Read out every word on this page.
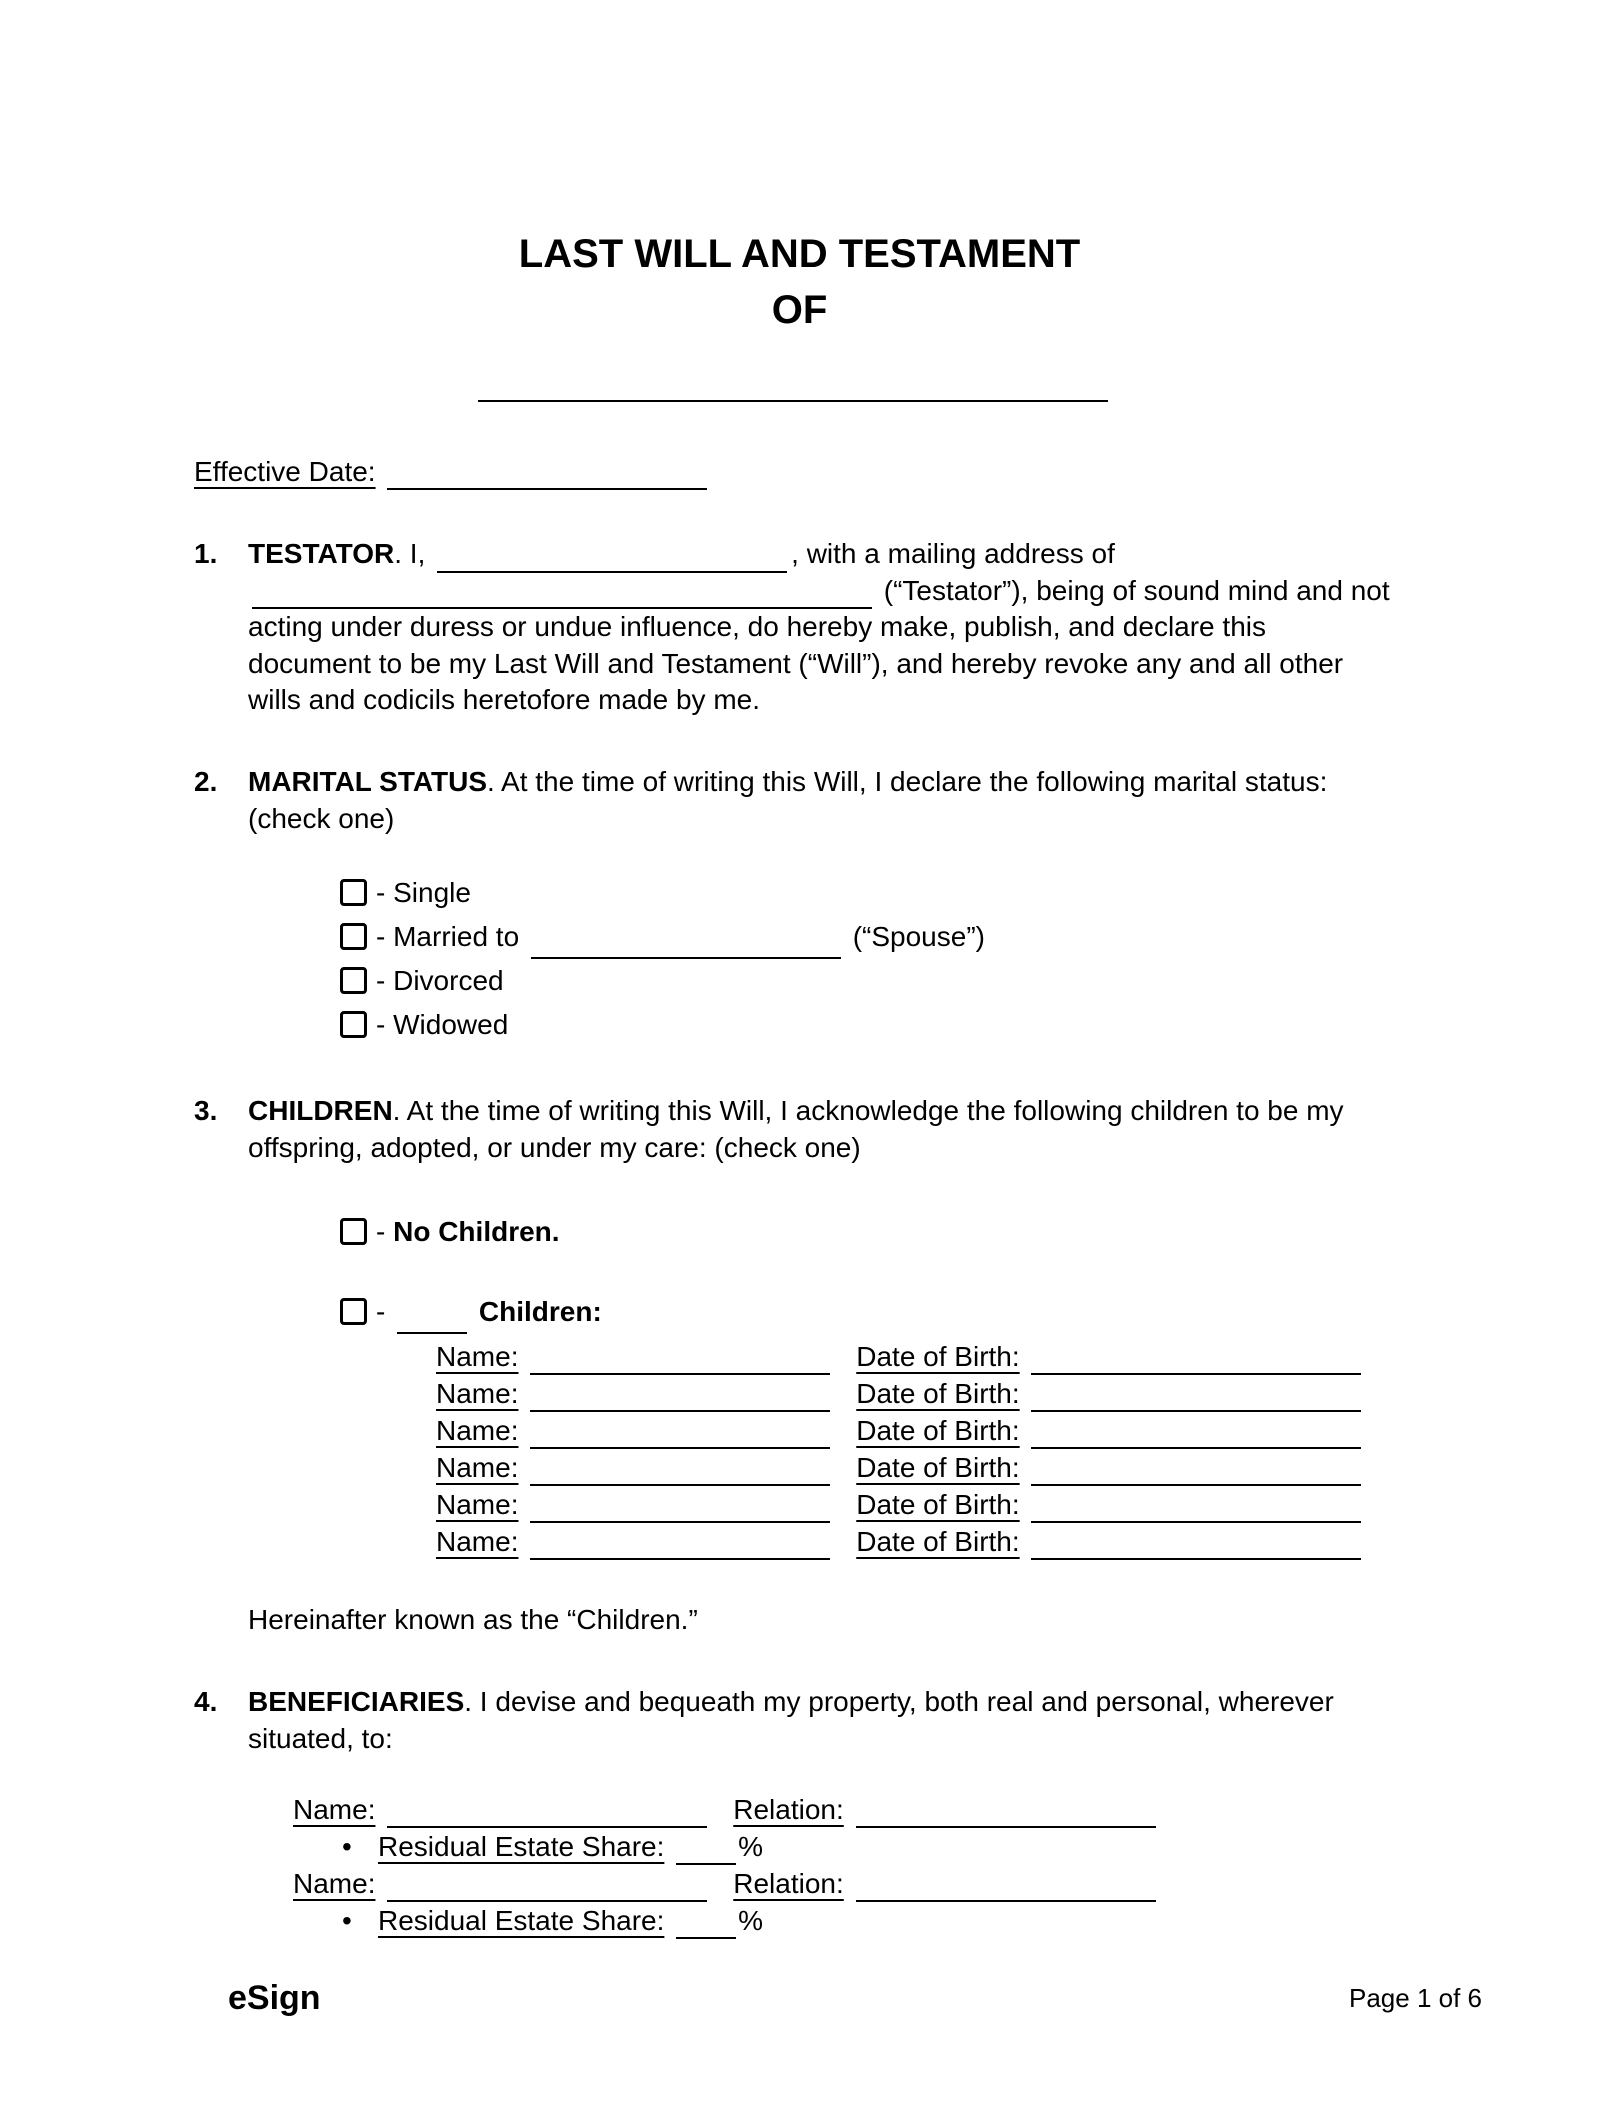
LAST WILL AND TESTAMENT
OF
Effective Date:
1.	TESTATOR. I,	, with a mailing address of  (“Testator”), being of sound mind and not acting under duress or undue influence, do hereby make, publish, and declare this document to be my Last Will and Testament (“Will”), and hereby revoke any and all other wills and codicils heretofore made by me.
2.	MARITAL STATUS. At the time of writing this Will, I declare the following marital status: (check one)
- Single
- Married to	(“Spouse”)
- Divorced
- Widowed
3.	CHILDREN. At the time of writing this Will, I acknowledge the following children to be my offspring, adopted, or under my care: (check one)
- No Children.
-	Children:
Name:	Date of Birth:
Name:	Date of Birth:
Name:	Date of Birth:
Name:	Date of Birth:
Name:	Date of Birth:
Name:	Date of Birth:
Hereinafter known as the “Children.”
4.	BENEFICIARIES. I devise and bequeath my property, both real and personal, wherever situated, to:
Name:	Relation:
• Residual Estate Share:	%
Name:	Relation:
• Residual Estate Share:	%
eSign	Page 1 of 6
